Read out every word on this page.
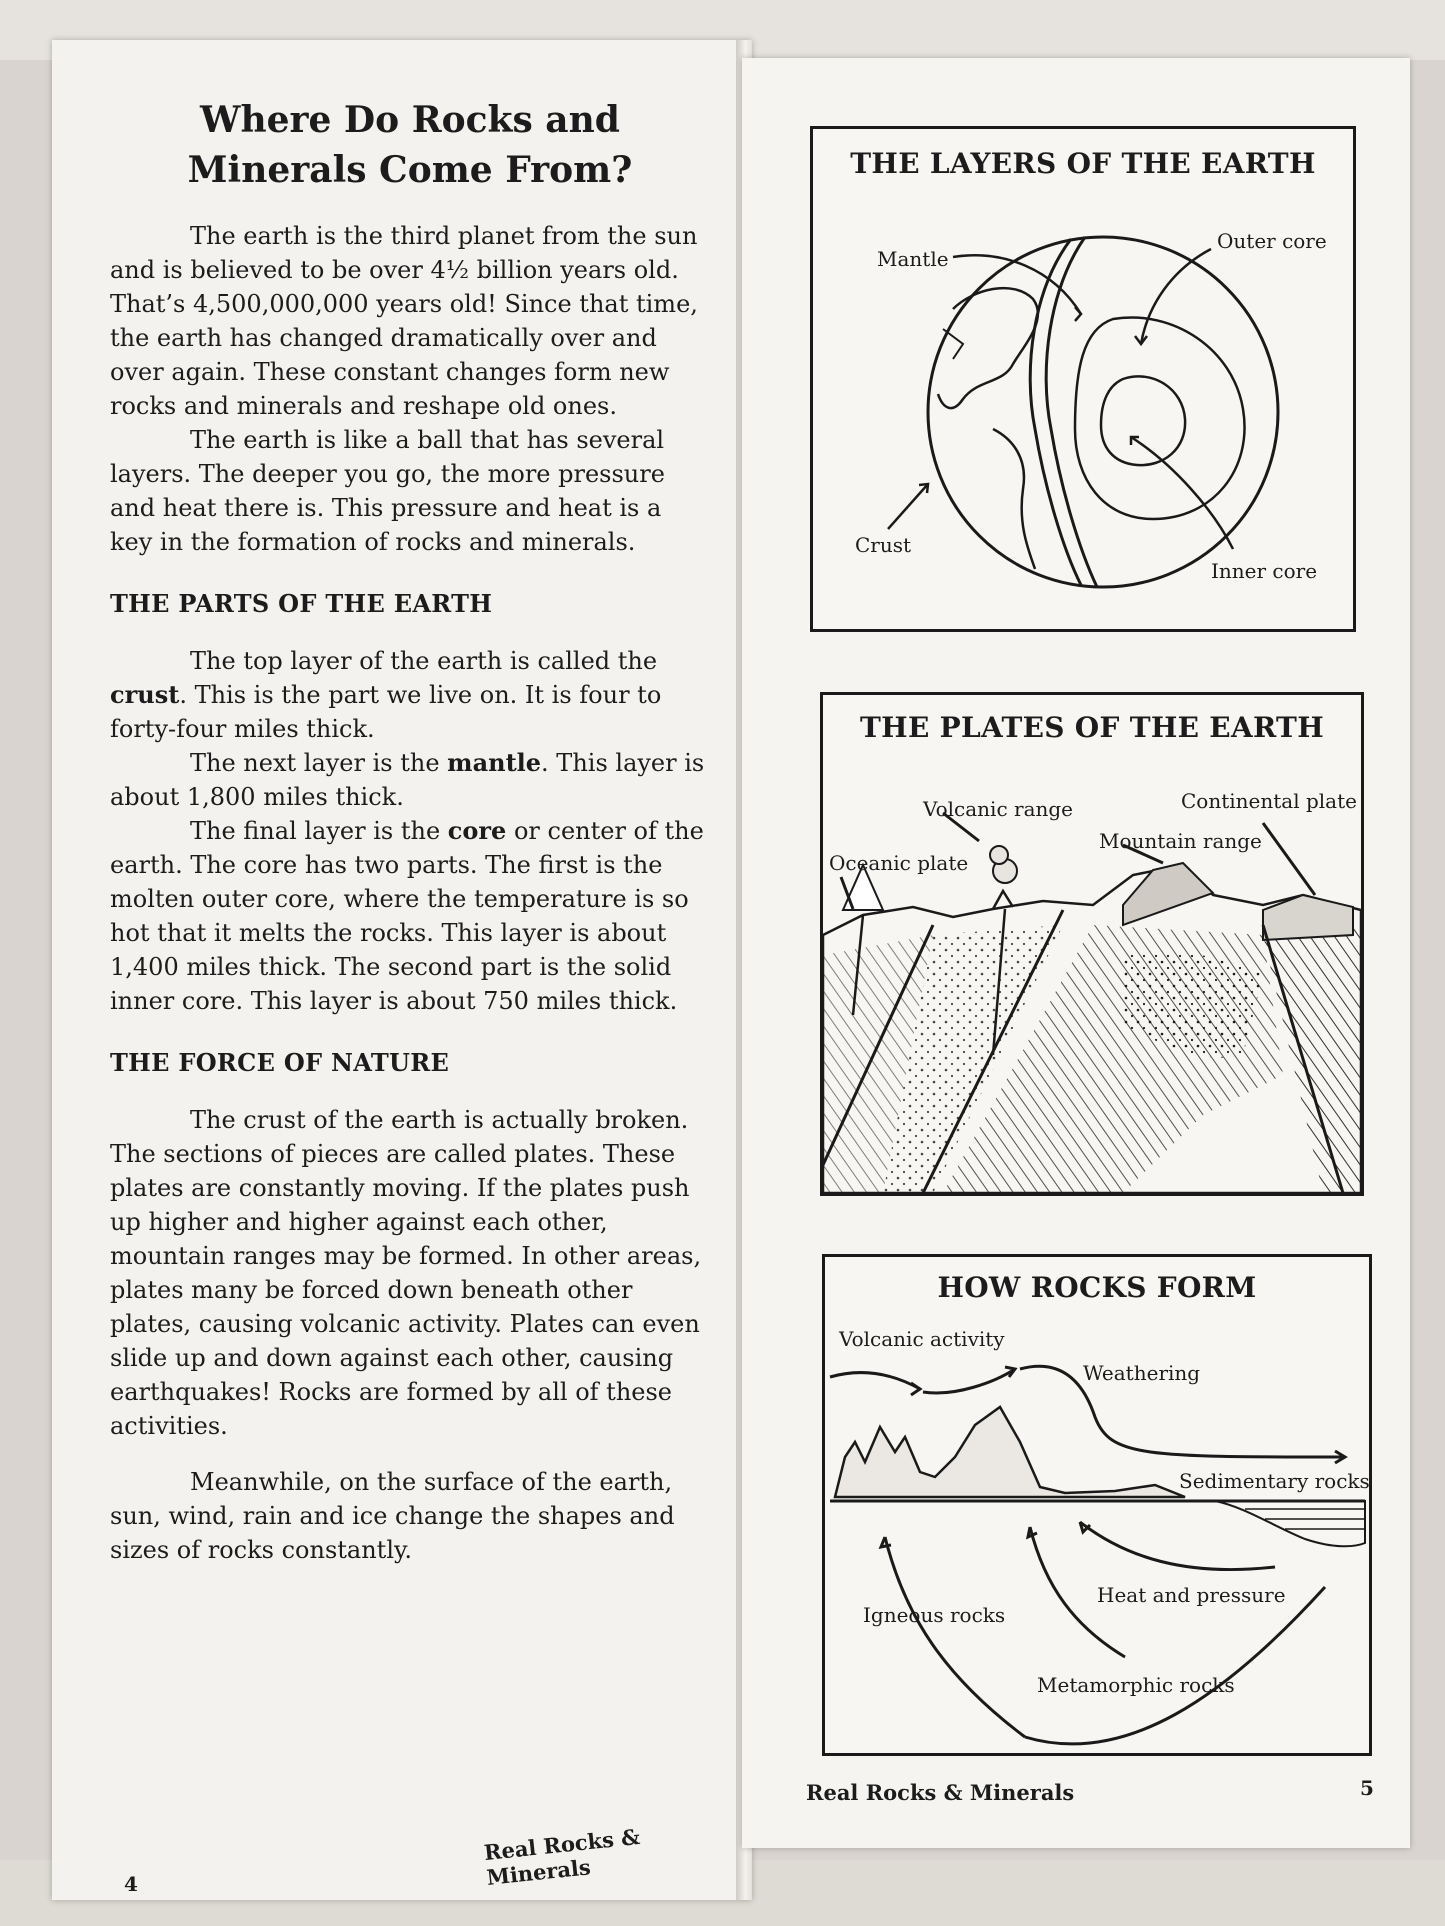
Where Do Rocks and
Minerals Come From?

The earth is the third planet from the sun and is believed to be over 4½ billion years old. That’s 4,500,000,000 years old! Since that time, the earth has changed dramatically over and over again. These constant changes form new rocks and minerals and reshape old ones.

The earth is like a ball that has several layers. The deeper you go, the more pressure and heat there is. This pressure and heat is a key in the formation of rocks and minerals.

THE PARTS OF THE EARTH

The top layer of the earth is called the crust. This is the part we live on. It is four to forty-four miles thick.

The next layer is the mantle. This layer is about 1,800 miles thick.

The final layer is the core or center of the earth. The core has two parts. The first is the molten outer core, where the temperature is so hot that it melts the rocks. This layer is about 1,400 miles thick. The second part is the solid inner core. This layer is about 750 miles thick.

THE FORCE OF NATURE

The crust of the earth is actually broken. The sections of pieces are called plates. These plates are constantly moving. If the plates push up higher and higher against each other, mountain ranges may be formed. In other areas, plates many be forced down beneath other plates, causing volcanic activity. Plates can even slide up and down against each other, causing earthquakes! Rocks are formed by all of these activities.

Meanwhile, on the surface of the earth, sun, wind, rain and ice change the shapes and sizes of rocks constantly.

4
Real Rocks & Minerals
THE LAYERS OF THE EARTH
Mantle
Outer core
Crust
Inner core
THE PLATES OF THE EARTH
Volcanic range	Continental plate
Mountain range
Oceanic plate
HOW ROCKS FORM
Volcanic activity
Weathering
Sedimentary rocks
Heat and pressure
Igneous rocks
Metamorphic rocks
Real Rocks & Minerals	5
